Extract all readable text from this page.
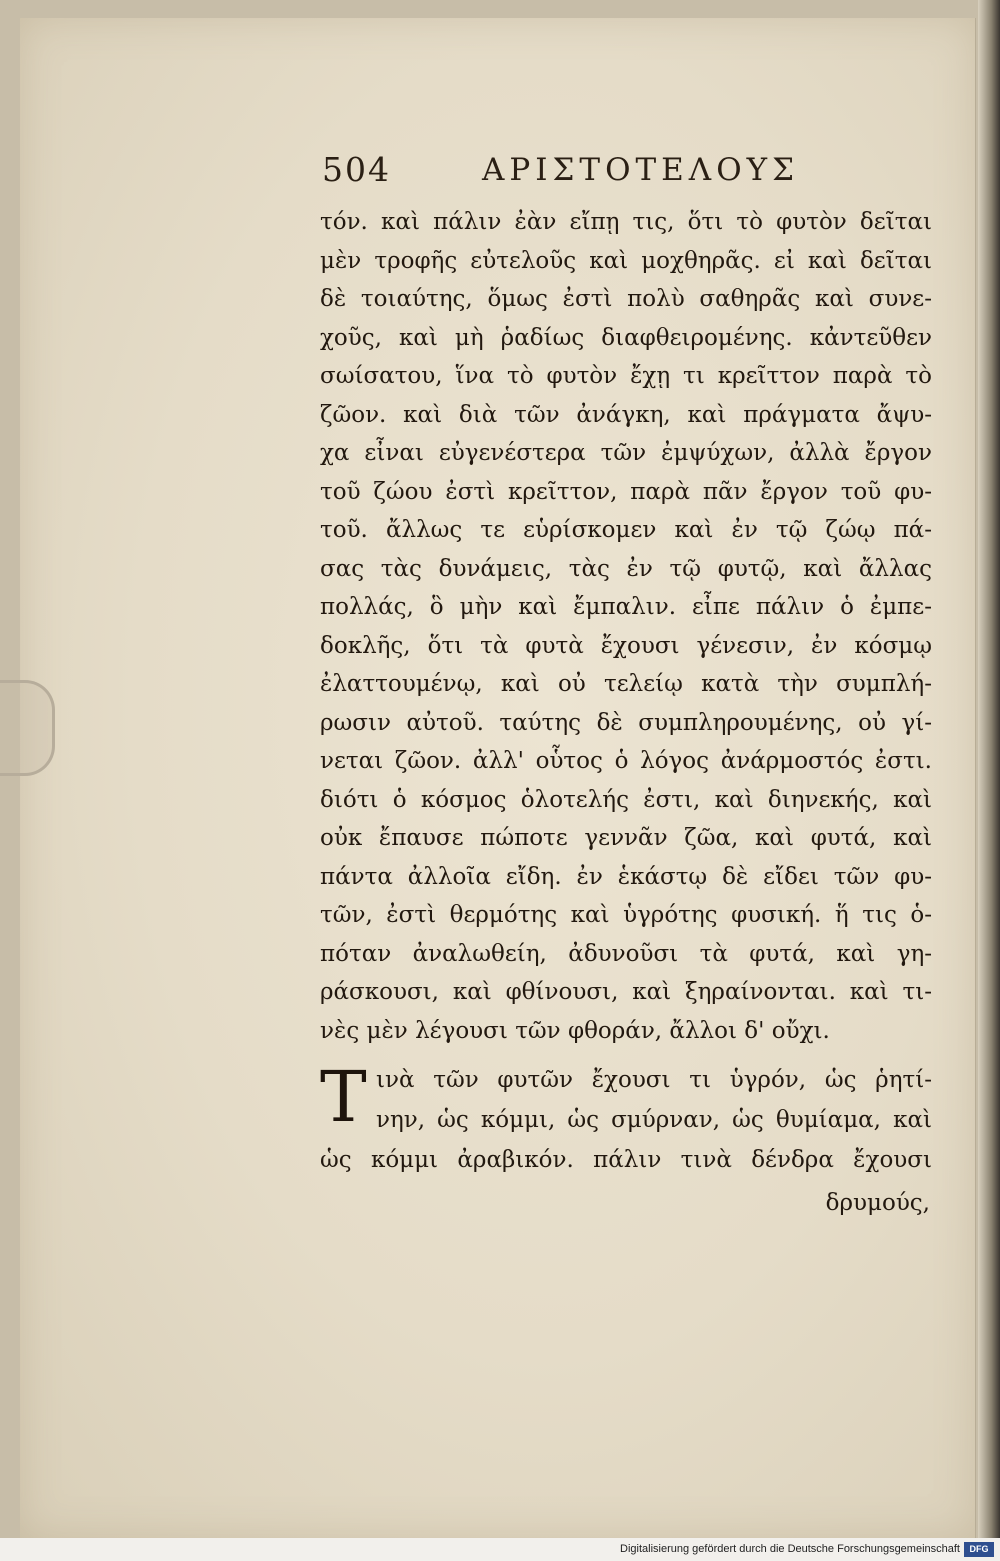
504	ΑΡΙΣΤΟΤΕΛΟΥΣ
τόν. καὶ πάλιν ἐὰν εἴπῃ τις, ὅτι τὸ φυτὸν δεῖται
μὲν τροφῆς εὐτελοῦς καὶ μοχθηρᾶς. εἰ καὶ δεῖται
δὲ τοιαύτης, ὅμως ἐστὶ πολὺ σαθηρᾶς καὶ συνε-
χοῦς, καὶ μὴ ῥαδίως διαφθειρομένης. κἀντεῦθεν
σωίσατου, ἵνα τὸ φυτὸν ἔχῃ τι κρεῖττον παρὰ τὸ
ζῶον. καὶ διὰ τῶν ἀνάγκη, καὶ πράγματα ἄψυ-
χα εἶναι εὐγενέστερα τῶν ἐμψύχων, ἀλλὰ ἔργον
τοῦ ζώου ἐστὶ κρεῖττον, παρὰ πᾶν ἔργον τοῦ φυ-
τοῦ. ἄλλως τε εὑρίσκομεν καὶ ἐν τῷ ζώῳ πά-
σας τὰς δυνάμεις, τὰς ἐν τῷ φυτῷ, καὶ ἄλλας
πολλάς, ὃ μὴν καὶ ἔμπαλιν. εἶπε πάλιν ὁ ἐμπε-
δοκλῆς, ὅτι τὰ φυτὰ ἔχουσι γένεσιν, ἐν κόσμῳ
ἐλαττουμένῳ, καὶ οὐ τελείῳ κατὰ τὴν συμπλή-
ρωσιν αὐτοῦ. ταύτης δὲ συμπληρουμένης, οὐ γί-
νεται ζῶον. ἀλλ' οὗτος ὁ λόγος ἀνάρμοστός ἐστι.
διότι ὁ κόσμος ὁλοτελής ἐστι, καὶ διηνεκής, καὶ
οὐκ ἔπαυσε πώποτε γεννᾶν ζῶα, καὶ φυτά, καὶ
πάντα ἀλλοῖα εἴδη. ἐν ἑκάστῳ δὲ εἴδει τῶν φυ-
τῶν, ἐστὶ θερμότης καὶ ὑγρότης φυσική. ἥ τις ὁ-
πόταν ἀναλωθείη, ἀδυνοῦσι τὰ φυτά, καὶ γη-
ράσκουσι, καὶ φθίνουσι, καὶ ξηραίνονται. καὶ τι-
νὲς μὲν λέγουσι τῶν φθοράν, ἄλλοι δ' οὔχι.
T ινὰ τῶν φυτῶν ἔχουσι τι ὑγρόν, ὡς ῥητί-
νην, ὡς κόμμι, ὡς σμύρναν, ὡς θυμίαμα, καὶ
ὡς κόμμι ἀραβικόν. πάλιν τινὰ δένδρα ἔχουσι
δρυμούς,
Digitalisierung gefördert durch die Deutsche Forschungsgemeinschaft	DFG
